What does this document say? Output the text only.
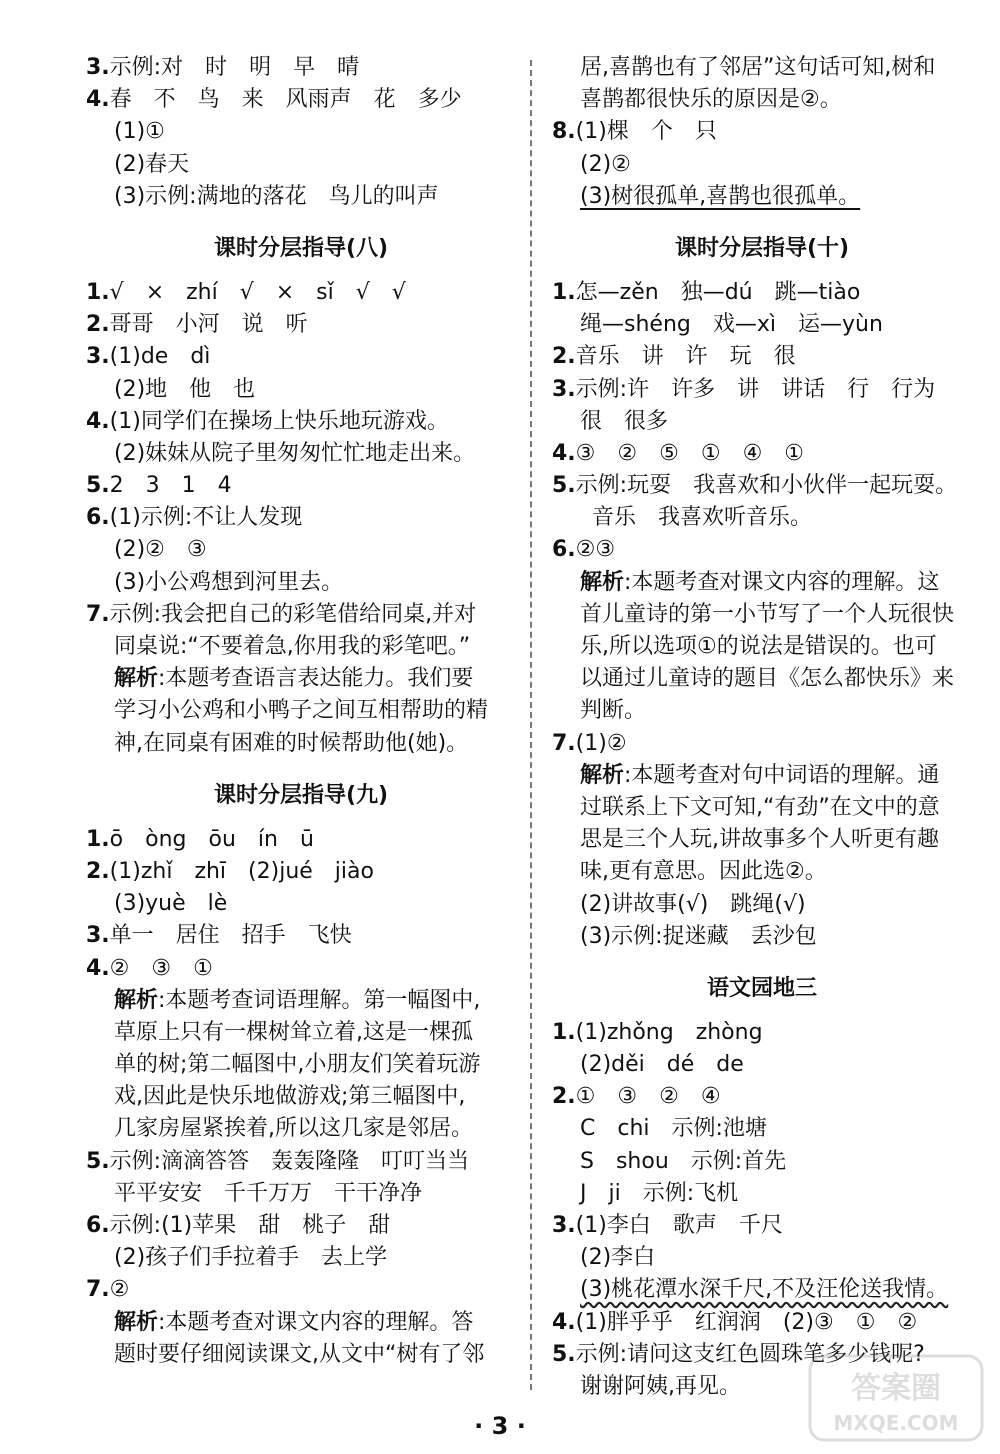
3.示例:对　时　明　早　晴
4.春　不　鸟　来　风雨声　花　多少
(1)①
(2)春天
(3)示例:满地的落花　鸟儿的叫声
课时分层指导(八)
1.√　×　zhí　√　×　sǐ　√　√
2.哥哥　小河　说　听
3.(1)de　dì
(2)地　他　也
4.(1)同学们在操场上快乐地玩游戏。
(2)妹妹从院子里匆匆忙忙地走出来。
5.2　3　1　4
6.(1)示例:不让人发现
(2)②　③
(3)小公鸡想到河里去。
7.示例:我会把自己的彩笔借给同桌,并对
同桌说:“不要着急,你用我的彩笔吧。”
解析:本题考查语言表达能力。我们要
学习小公鸡和小鸭子之间互相帮助的精
神,在同桌有困难的时候帮助他(她)。
课时分层指导(九)
1.ō　òng　ōu　ín　ū
2.(1)zhǐ　zhī　(2)jué　jiào
(3)yuè　lè
3.单一　居住　招手　飞快
4.②　③　①
解析:本题考查词语理解。第一幅图中,
草原上只有一棵树耸立着,这是一棵孤
单的树;第二幅图中,小朋友们笑着玩游
戏,因此是快乐地做游戏;第三幅图中,
几家房屋紧挨着,所以这几家是邻居。
5.示例:滴滴答答　轰轰隆隆　叮叮当当
平平安安　千千万万　干干净净
6.示例:(1)苹果　甜　桃子　甜
(2)孩子们手拉着手　去上学
7.②
解析:本题考查对课文内容的理解。答
题时要仔细阅读课文,从文中“树有了邻
居,喜鹊也有了邻居”这句话可知,树和
喜鹊都很快乐的原因是②。
8.(1)棵　个　只
(2)②
(3)树很孤单,喜鹊也很孤单。
课时分层指导(十)
1.怎—zěn　独—dú　跳—tiào
绳—shéng　戏—xì　运—yùn
2.音乐　讲　许　玩　很
3.示例:许　许多　讲　讲话　行　行为
很　很多
4.③　②　⑤　①　④　①
5.示例:玩耍　我喜欢和小伙伴一起玩耍。
音乐　我喜欢听音乐。
6.②③
解析:本题考查对课文内容的理解。这
首儿童诗的第一小节写了一个人玩很快
乐,所以选项①的说法是错误的。也可
以通过儿童诗的题目《怎么都快乐》来
判断。
7.(1)②
解析:本题考查对句中词语的理解。通
过联系上下文可知,“有劲”在文中的意
思是三个人玩,讲故事多个人听更有趣
味,更有意思。因此选②。
(2)讲故事(√)　跳绳(√)
(3)示例:捉迷藏　丢沙包
语文园地三
1.(1)zhǒng　zhòng
(2)děi　dé　de
2.①　③　②　④
C　chi　示例:池塘
S　shou　示例:首先
J　ji　示例:飞机
3.(1)李白　歌声　千尺
(2)李白
(3)桃花潭水深千尺,不及汪伦送我情。
4.(1)胖乎乎　红润润　(2)③　①　②
5.示例:请问这支红色圆珠笔多少钱呢?
谢谢阿姨,再见。
· 3 ·
答案圈
MXQE.COM
